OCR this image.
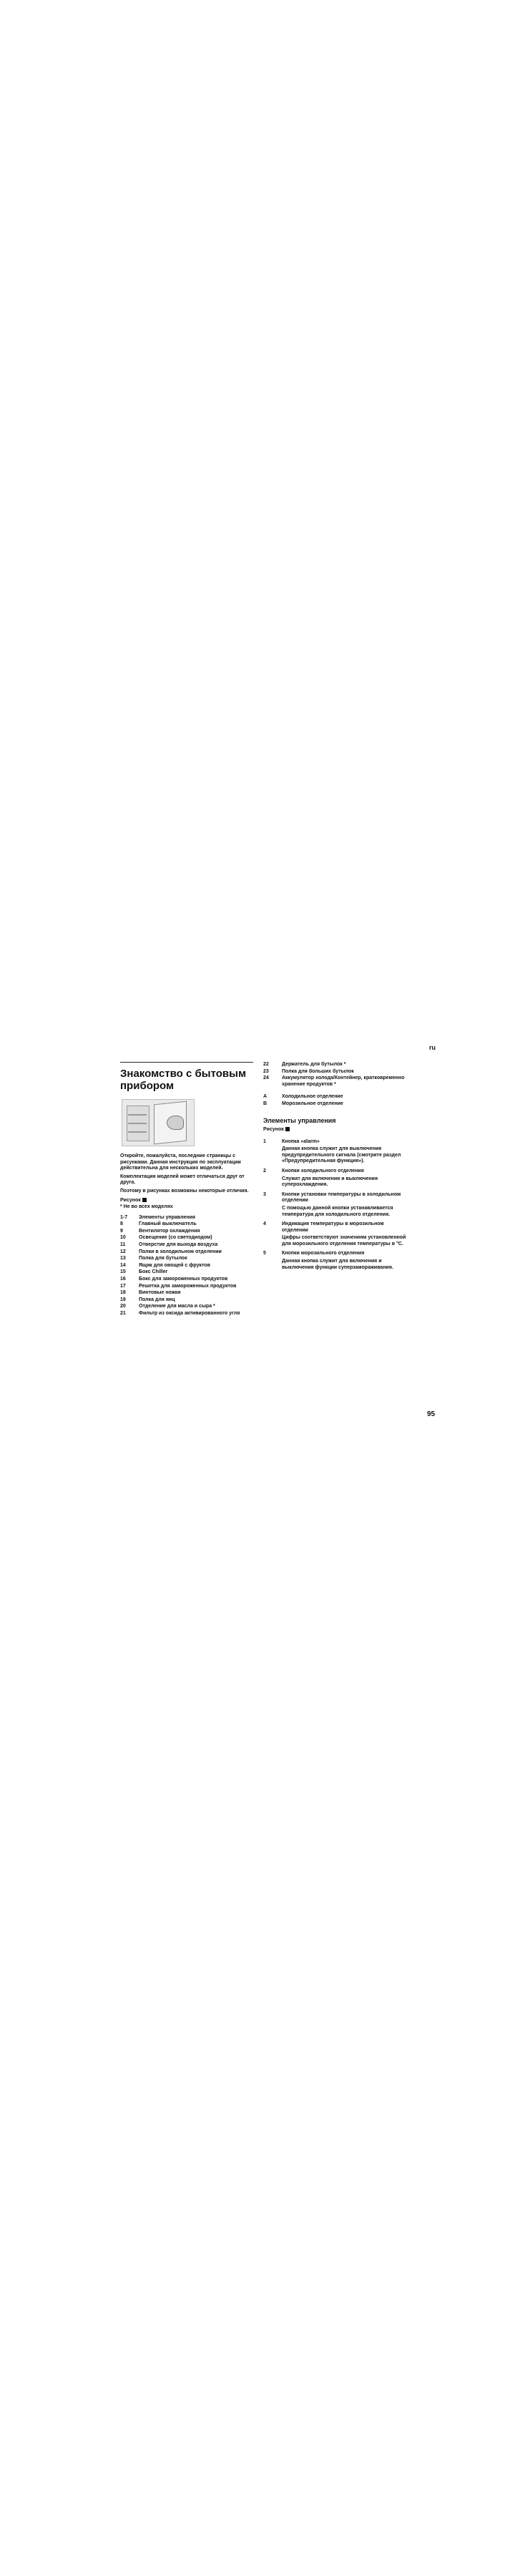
ru
Знакомство с бытовым прибором

Откройте, пожалуйста, последние страницы с рисунками. Данная инструкция по эксплуатации действительна для нескольких моделей.

Комплектация моделей может отличаться друг от друга.

Поэтому в рисунках возможны некоторые отличия.

Рисунок
* Не во всех моделях
1-7	Элементы управления
8	Главный выключатель
9	Вентилятор охлаждения
10	Освещение (со светодиодом)
11	Отверстие для выхода воздуха
12	Полки в холодильном отделении
13	Полка для бутылок
14	Ящик для овощей с фруктов
15	Бокс Chiller
16	Бокс для замороженных продуктов
17	Решетка для замороженных продуктов
18	Винтовые ножки
19	Полка для яиц
20	Отделение для масла и сыра *
21	Фильтр из оксида активированного угля
22	Держатель для бутылок *
23	Полка для больших бутылок
24	Аккумулятор холода/Контейнер, кратковременно хранение продуктов *
A	Холодильное отделение
B	Морозильное отделение
Элементы управления
Рисунок
1	Кнопка «alarm»
Данная кнопка служит для выключения предупредительного сигнала (смотрите раздел «Предупредительная функция»).
2	Кнопки холодильного отделения
Служат для включения и выключения суперохлаждения.
3	Кнопки установки температуры в холодильном отделении
С помощью данной кнопки устанавливается температура для холодильного отделения.
4	Индикация температуры в морозильном отделении
Цифры соответствуют значениям установленной для морозильного отделения температуры в °C.
5	Кнопки морозильного отделения
Данная кнопка служит для включения и выключения функции суперзамораживания.
95
